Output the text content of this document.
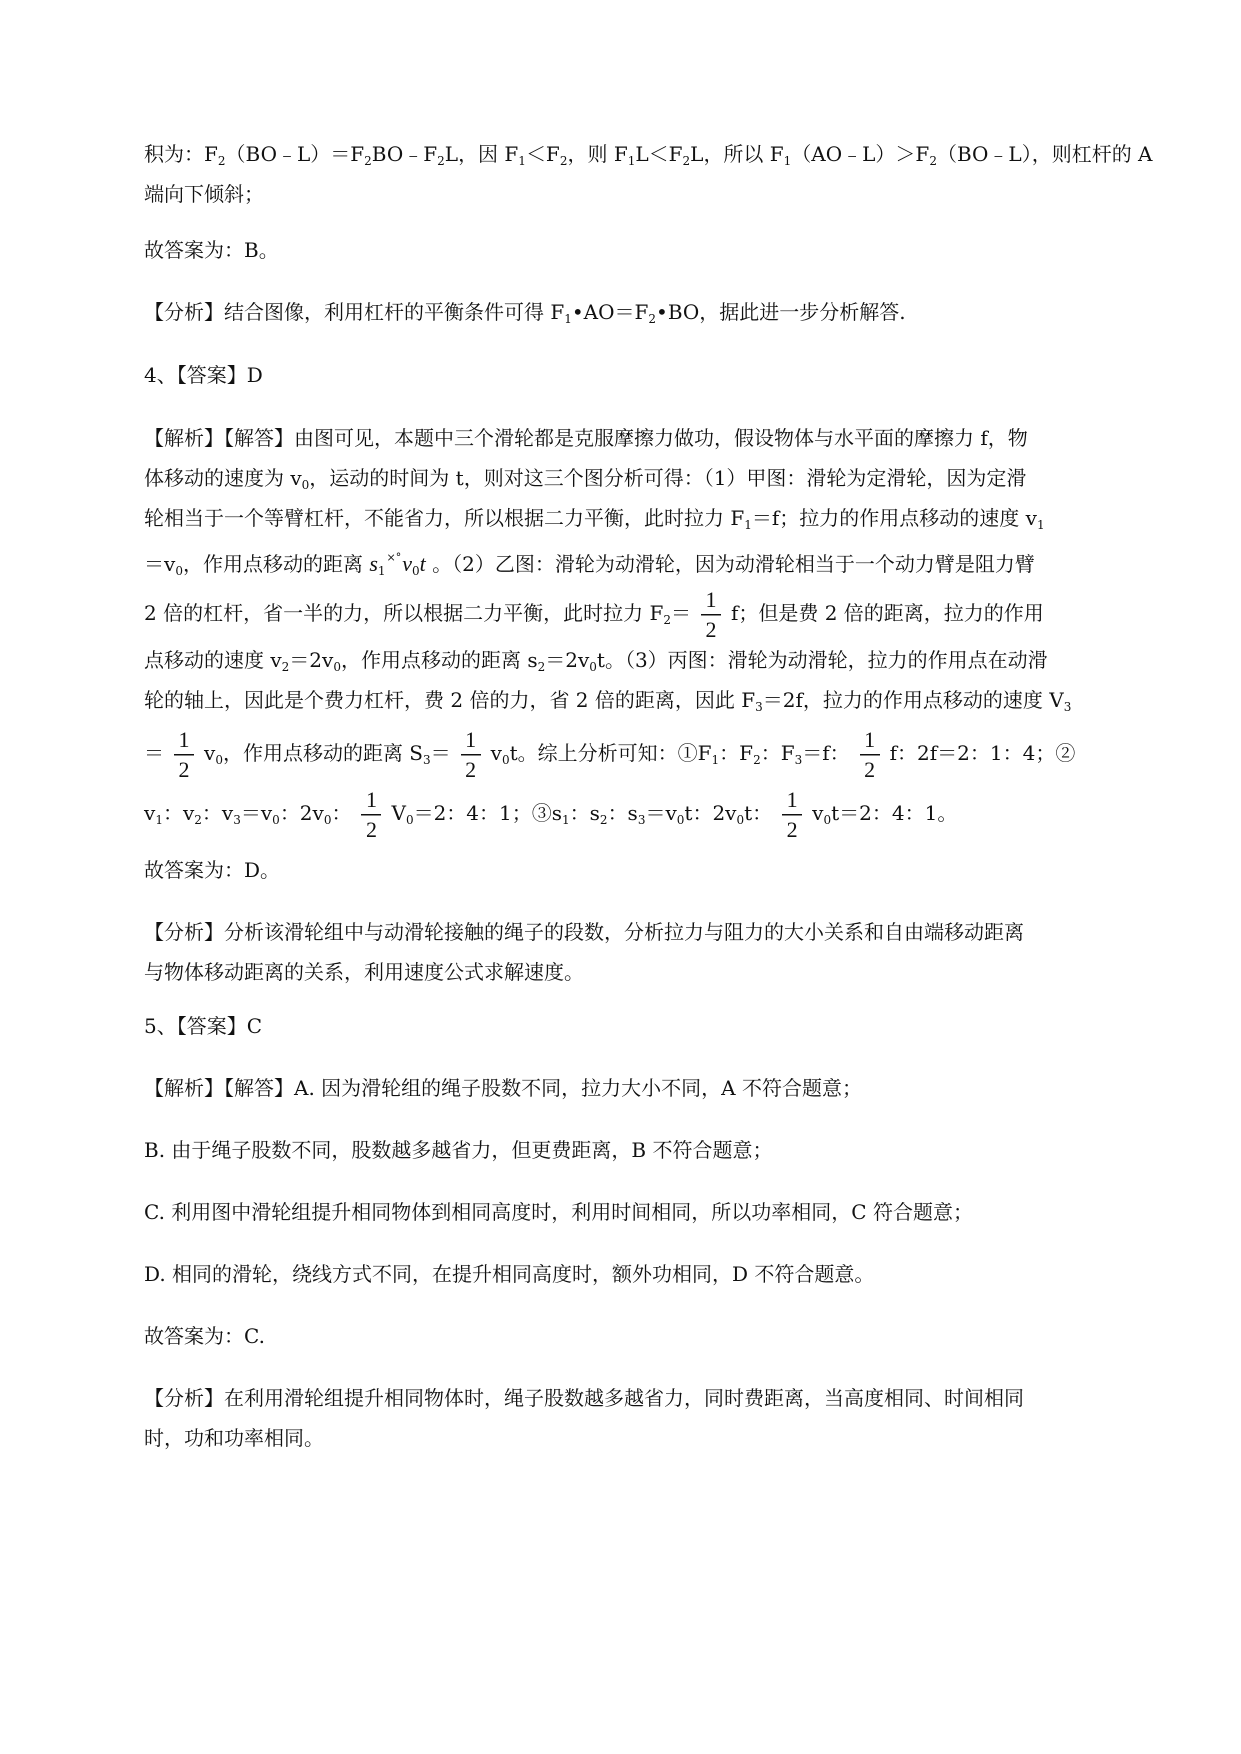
积为：$F_2(BO﹣L)=F_2BO﹣F_2L$，因 $F_1<F_2$，则 $F_1L<F_2L$，所以 $F_1(AO﹣L)>F_2(BO﹣L)$，则杠杆的 A
端向下倾斜；

故答案为：B。

【分析】结合图像，利用杠杆的平衡条件可得 $F_1•AO=F_2•BO$，据此进一步分析解答.

4、【答案】D

【解析】【解答】由图可见，本题中三个滑轮都是克服摩擦力做功，假设物体与水平面的摩擦力 f，物
体移动的速度为 $v_0$，运动的时间为 t，则对这三个图分析可得：（1）甲图：滑轮为定滑轮，因为定滑
轮相当于一个等臂杠杆，不能省力，所以根据二力平衡，此时拉力 $F_1=f$；拉力的作用点移动的速度 $v_1$
$=v_0$，作用点移动的距离 $s_1^{\times^\circ}v_0t$ 。（2）乙图：滑轮为动滑轮，因为动滑轮相当于一个动力臂是阻力臂
2 倍的杠杆，省一半的力，所以根据二力平衡，此时拉力 $F_2=$
1
2
f；但是费 2 倍的距离，拉力的作用
点移动的速度 $v_2=2v_0$，作用点移动的距离 $s_2=2v_0t$。（3）丙图：滑轮为动滑轮，拉力的作用点在动滑
轮的轴上，因此是个费力杠杆，费 2 倍的力，省 2 倍的距离，因此 $F_3=2f$，拉力的作用点移动的速度 $V_3$
＝
1
2
$v_0$，作用点移动的距离 $S_3=$
1
2
$v_0t$。综上分析可知：$①F_1$：$F_2$：$F_3=f$：
1
2
f：2f＝2：1：4；②
$v_1$：$v_2$：$v_3=v_0$：$2v_0$：
1
2
$V_0=2$：4：1；$③s_1$：$s_2$：$s_3=v_0t$：$2v_0t$：
1
2
$v_0t=2$：4：1。

故答案为：D。

【分析】分析该滑轮组中与动滑轮接触的绳子的段数，分析拉力与阻力的大小关系和自由端移动距离
与物体移动距离的关系，利用速度公式求解速度。

5、【答案】C

【解析】【解答】A. 因为滑轮组的绳子股数不同，拉力大小不同，A 不符合题意；

B. 由于绳子股数不同，股数越多越省力，但更费距离，B 不符合题意；

C. 利用图中滑轮组提升相同物体到相同高度时，利用时间相同，所以功率相同，C 符合题意；

D. 相同的滑轮，绕线方式不同，在提升相同高度时，额外功相同，D 不符合题意。

故答案为：C.

【分析】在利用滑轮组提升相同物体时，绳子股数越多越省力，同时费距离，当高度相同、时间相同
时，功和功率相同。
